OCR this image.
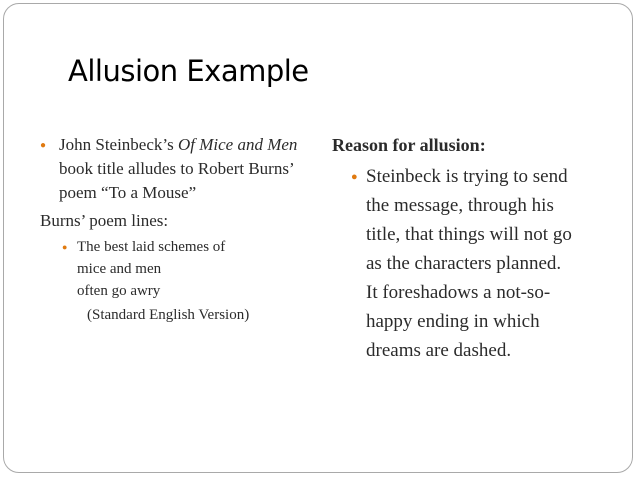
Allusion Example
● John Steinbeck’s Of Mice and Men book title alludes to Robert Burns’ poem “To a Mouse”
Burns’ poem lines:
● The best laid schemes of
mice and men
often go awry
(Standard English Version)
Reason for allusion:
● Steinbeck is trying to send
the message, through his
title, that things will not go
as the characters planned.
It foreshadows a not-so-
happy ending in which
dreams are dashed.
